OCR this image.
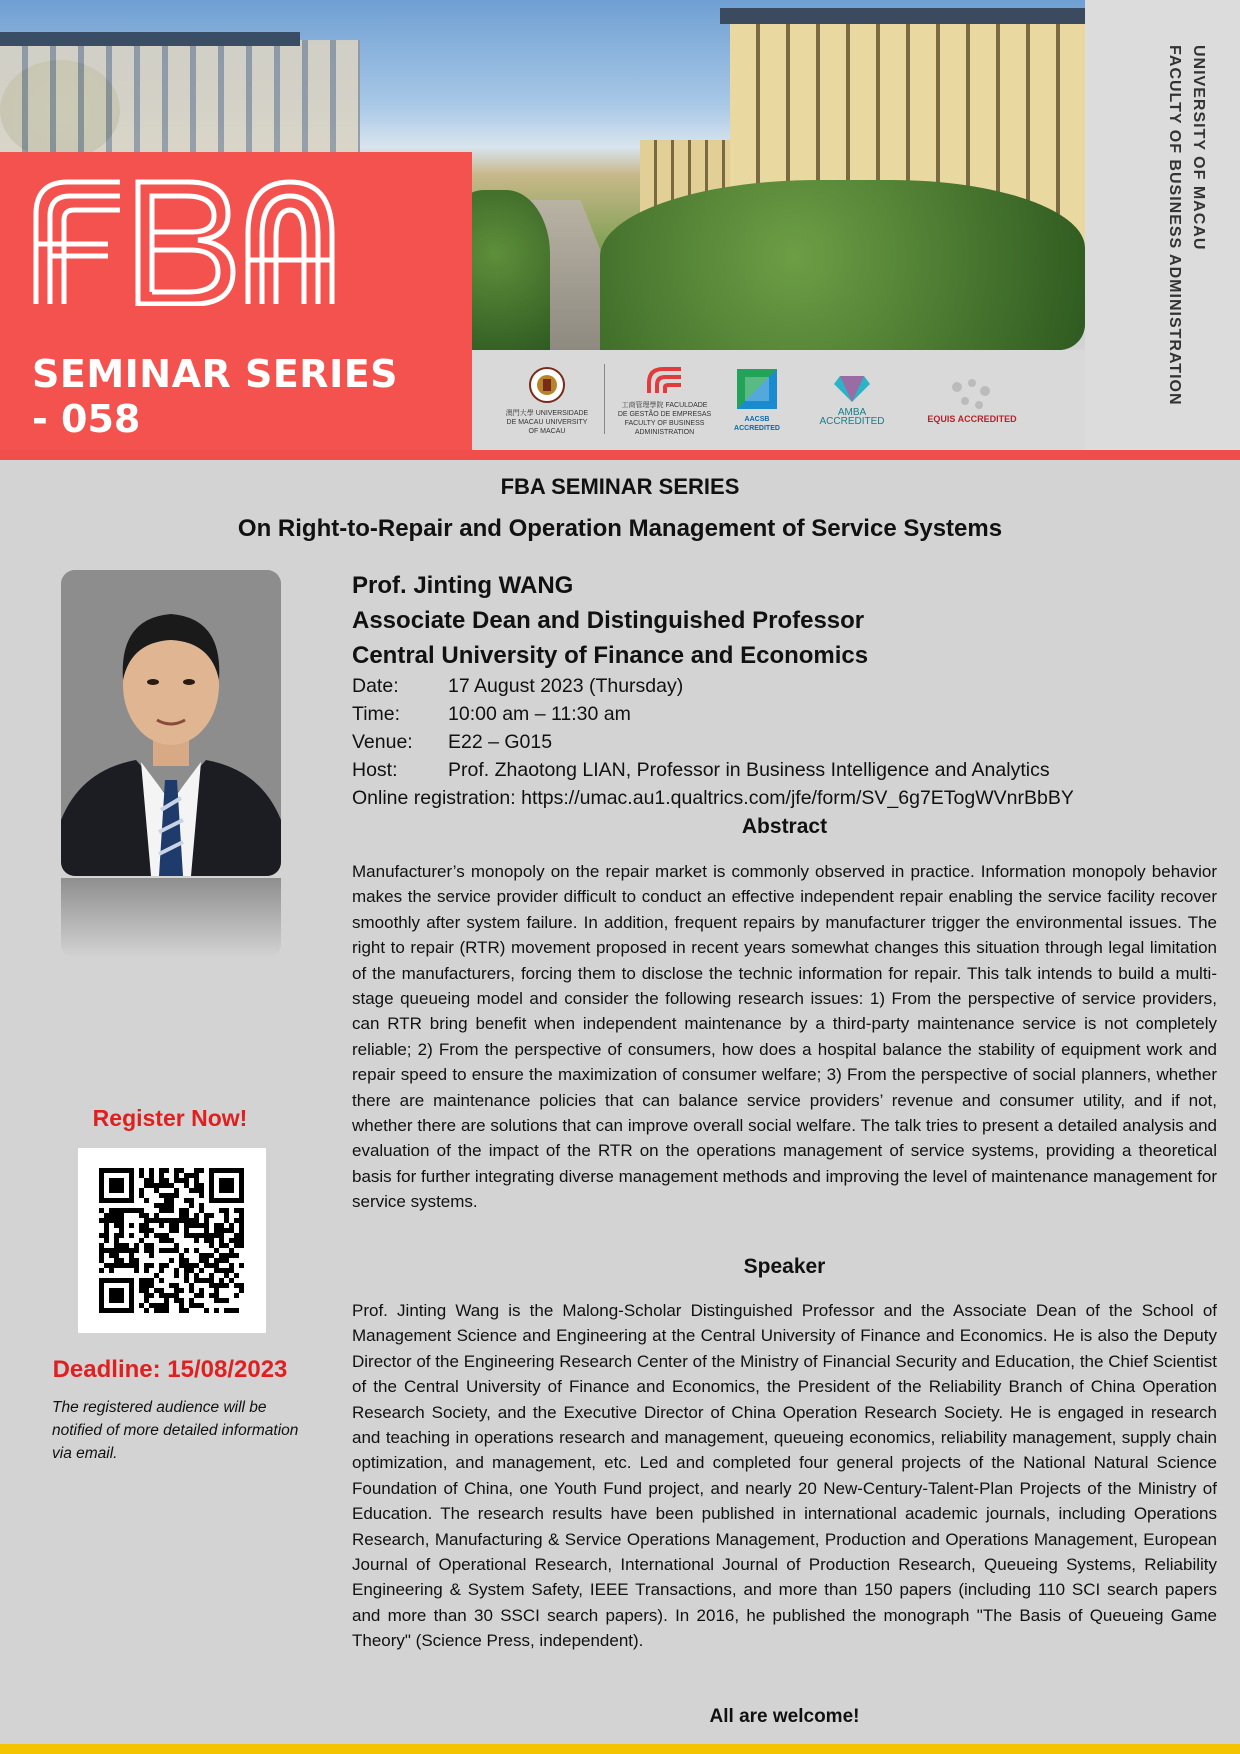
UNIVERSITY OF MACAU
FACULTY OF BUSINESS ADMINISTRATION
SEMINAR SERIES
- 058	澳門大學 UNIVERSIDADE DE MACAU UNIVERSITY OF MACAU
工商管理學院 FACULDADE DE GESTÃO DE EMPRESAS FACULTY OF BUSINESS ADMINISTRATION
AACSB ACCREDITED
AMBA ACCREDITED	EQUIS ACCREDITED
FBA SEMINAR SERIES
On Right-to-Repair and Operation Management of Service Systems
Register Now!
Deadline: 15/08/2023
The registered audience will be notified of more detailed information via email.
Prof. Jinting WANG
Associate Dean and Distinguished Professor
Central University of Finance and Economics
Date:	17 August 2023 (Thursday)
Time: 10:00 am – 11:30 am
Venue: E22 – G015
Host:	Prof. Zhaotong LIAN, Professor in Business Intelligence and Analytics
Online registration: https://umac.au1.qualtrics.com/jfe/form/SV_6g7ETogWVnrBbBY
Abstract
Manufacturer’s monopoly on the repair market is commonly observed in practice. Information monopoly behavior makes the service provider difficult to conduct an effective independent repair enabling the service facility recover smoothly after system failure. In addition, frequent repairs by manufacturer trigger the environmental issues. The right to repair (RTR) movement proposed in recent years somewhat changes this situation through legal limitation of the manufacturers, forcing them to disclose the technic information for repair. This talk intends to build a multi-stage queueing model and consider the following research issues: 1) From the perspective of service providers, can RTR bring benefit when independent maintenance by a third-party maintenance service is not completely reliable; 2) From the perspective of consumers, how does a hospital balance the stability of equipment work and repair speed to ensure the maximization of consumer welfare; 3) From the perspective of social planners, whether there are maintenance policies that can balance service providers’ revenue and consumer utility, and if not, whether there are solutions that can improve overall social welfare. The talk tries to present a detailed analysis and evaluation of the impact of the RTR on the operations management of service systems, providing a theoretical basis for further integrating diverse management methods and improving the level of maintenance management for service systems.
Speaker
Prof. Jinting Wang is the Malong-Scholar Distinguished Professor and the Associate Dean of the School of Management Science and Engineering at the Central University of Finance and Economics. He is also the Deputy Director of the Engineering Research Center of the Ministry of Financial Security and Education, the Chief Scientist of the Central University of Finance and Economics, the President of the Reliability Branch of China Operation Research Society, and the Executive Director of China Operation Research Society. He is engaged in research and teaching in operations research and management, queueing economics, reliability management, supply chain optimization, and management, etc. Led and completed four general projects of the National Natural Science Foundation of China, one Youth Fund project, and nearly 20 New-Century-Talent-Plan Projects of the Ministry of Education. The research results have been published in international academic journals, including Operations Research, Manufacturing & Service Operations Management, Production and Operations Management, European Journal of Operational Research, International Journal of Production Research, Queueing Systems, Reliability Engineering & System Safety, IEEE Transactions, and more than 150 papers (including 110 SCI search papers and more than 30 SSCI search papers). In 2016, he published the monograph "The Basis of Queueing Game Theory" (Science Press, independent).
All are welcome!
